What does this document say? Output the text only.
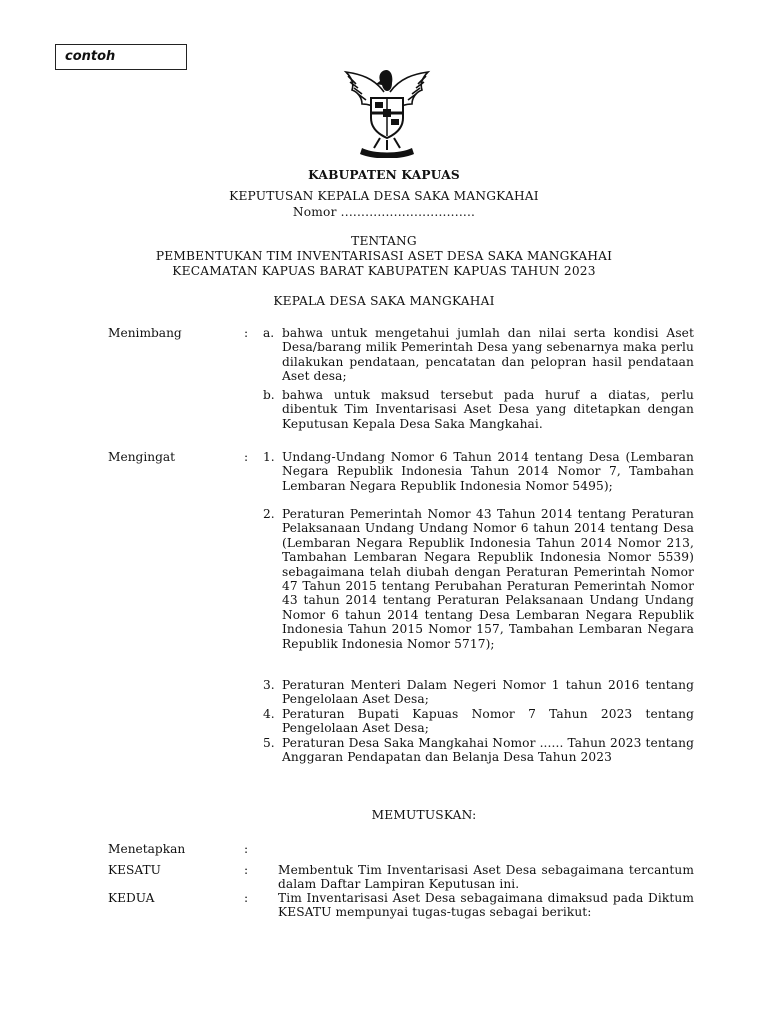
contoh
KABUPATEN KAPUAS
KEPUTUSAN KEPALA DESA SAKA MANGKAHAI
Nomor .................................
TENTANG
PEMBENTUKAN TIM INVENTARISASI ASET DESA SAKA MANGKAHAI
KECAMATAN KAPUAS BARAT KABUPATEN KAPUAS TAHUN 2023
KEPALA DESA SAKA MANGKAHAI
Menimbang	: a. bahwa untuk mengetahui jumlah dan nilai serta kondisi Aset Desa/barang milik Pemerintah Desa yang sebenarnya maka perlu dilakukan pendataan, pencatatan dan pelopran hasil pendataan Aset desa;
b. bahwa untuk maksud tersebut pada huruf a diatas, perlu dibentuk Tim Inventarisasi Aset Desa yang ditetapkan dengan Keputusan Kepala Desa Saka Mangkahai.
Mengingat	: 1. Undang-Undang Nomor 6 Tahun 2014 tentang Desa (Lembaran Negara Republik Indonesia Tahun 2014 Nomor 7, Tambahan Lembaran Negara Republik Indonesia Nomor 5495);
2. Peraturan Pemerintah Nomor 43 Tahun 2014 tentang Peraturan Pelaksanaan Undang Undang Nomor 6 tahun 2014 tentang Desa (Lembaran Negara Republik Indonesia Tahun 2014 Nomor 213, Tambahan Lembaran Negara Republik Indonesia Nomor 5539) sebagaimana telah diubah dengan Peraturan Pemerintah Nomor 47 Tahun 2015 tentang Perubahan Peraturan Pemerintah Nomor 43 tahun 2014 tentang Peraturan Pelaksanaan Undang Undang Nomor 6 tahun 2014 tentang Desa Lembaran Negara Republik Indonesia Tahun 2015 Nomor 157, Tambahan Lembaran Negara Republik Indonesia Nomor 5717);
3. Peraturan Menteri Dalam Negeri Nomor 1 tahun 2016 tentang Pengelolaan Aset Desa;
4. Peraturan Bupati Kapuas Nomor 7 Tahun 2023 tentang Pengelolaan Aset Desa;
5. Peraturan Desa Saka Mangkahai Nomor ...... Tahun 2023 tentang Anggaran Pendapatan dan Belanja Desa Tahun 2023
MEMUTUSKAN:
Menetapkan	:
KESATU	: Membentuk Tim Inventarisasi Aset Desa sebagaimana tercantum dalam Daftar Lampiran Keputusan ini.
KEDUA	: Tim Inventarisasi Aset Desa sebagaimana dimaksud pada Diktum KESATU mempunyai tugas-tugas sebagai berikut:
